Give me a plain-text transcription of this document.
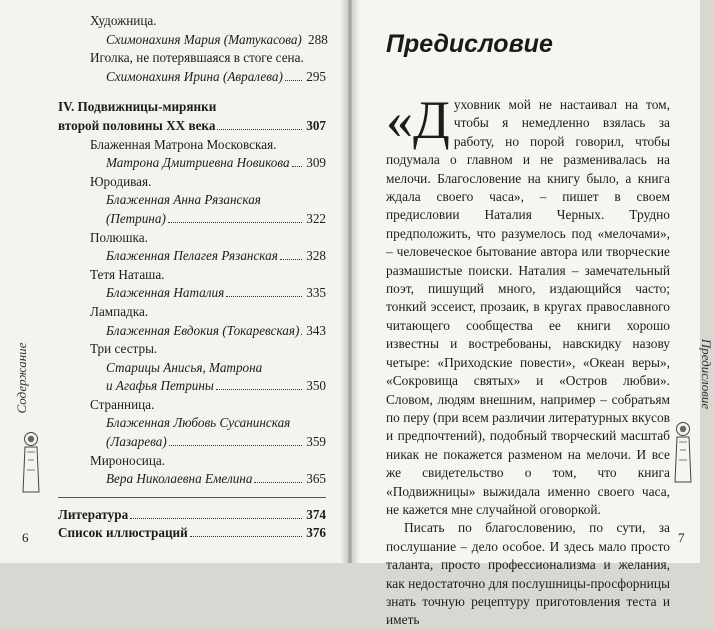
Художница.
Схимонахиня Мария (Матукасова) 288
Иголка, не потерявшаяся в стоге сена.
Схимонахиня Ирина (Авралева) 295
IV. Подвижницы-мирянки
второй половины XX века	307
Блаженная Матрона Московская.
Матрона Дмитриевна Новикова 309
Юродивая.
Блаженная Анна Рязанская
(Петрина)	322
Полюшка.
Блаженная Пелагея Рязанская 328
Тетя Наташа.
Блаженная Наталия	335
Лампадка.
Блаженная Евдокия (Токаревская) 343
Три сестры.
Старицы Анисья, Матрона
и Агафья Петрины	350
Странница.
Блаженная Любовь Сусанинская
(Лазарева)	359
Мироносица.
Вера Николаевна Емелина	365
Литература	374
Список иллюстраций	376
Содержание
6
Предисловие

«Духовник мой не настаивал на том, чтобы я немедленно взялась за работу, но порой говорил, чтобы подумала о главном и не разменивалась на мелочи. Благословение на книгу было, а книга ждала своего часа», – пишет в своем предисловии Наталия Черных. Трудно предположить, что разумелось под «мелочами», – человеческое бытование автора или творческие размашистые поиски. Наталия – замечательный поэт, пишущий много, издающийся часто; тонкий эссеист, прозаик, в кругах православного читающего сообщества ее книги хорошо известны и востребованы, навскидку назову четыре: «Приходские повести», «Океан веры», «Сокровища святых» и «Остров любви». Словом, людям внешним, например – собратьям по перу (при всем различии литературных вкусов и предпочтений), подобный творческий масштаб никак не покажется разменом на мелочи. И все же свидетельство о том, что книга «Подвижницы» выжидала именно своего часа, не кажется мне случайной оговоркой.

Писать по благословению, по сути, за послушание – дело особое. И здесь мало просто таланта, просто профессионализма и желания, как недостаточно для послушницы-просфорницы знать точную рецептуру приготовления теста и иметь

Предисловие
7
